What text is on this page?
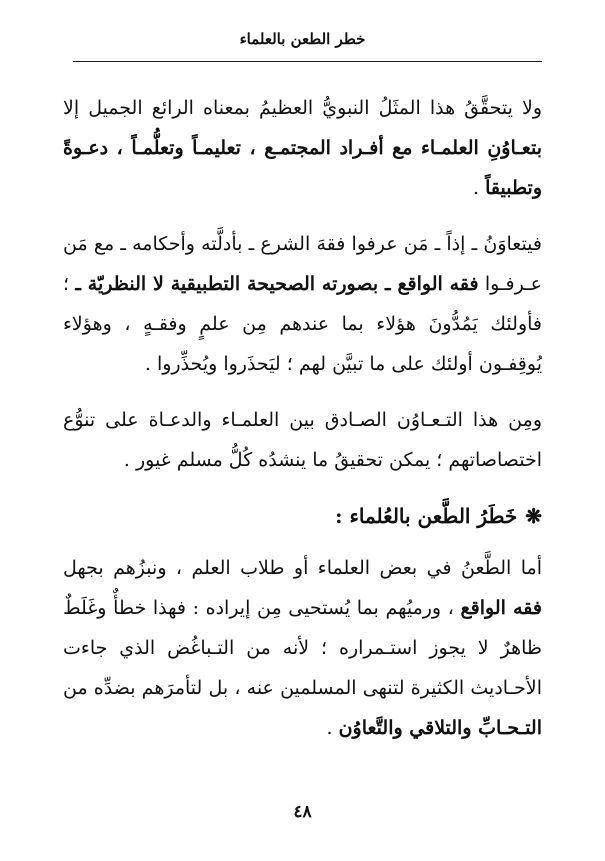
خطر الطعن بالعلماء

ولا يتحقَّقُ هذا المثَلُ النبويُّ العظيمُ بمعناه الرائع الجميل إلا بتعـاوُنِ العلمـاء مع أفـراد المجتمـع ، تعليمـاً وتعلُّمـاً ، دعـوةً وتطبيقاً .

فيتعاوَنُ ـ إذاً ـ مَن عرفوا فقهَ الشرع ـ بأدلَّته وأحكامه ـ مع مَن عـرفـوا فقه الواقع ـ بصورته الصحيحة التطبيقية لا النظريّة ـ ؛ فأولئك يَمُدُّونَ هؤلاء بما عندهم مِن علمٍ وفقـهٍ ، وهؤلاء يُوقِفـون أولئك على ما تبيَّن لهم ؛ ليَحذَروا ويُحذِّروا .

ومِن هذا التـعـاوُن الصـادق بين العلمـاء والدعـاة على تنوُّع اختصاصاتهم ؛ يمكن تحقيقُ ما ينشدُه كُلُّ مسلم غيور .

❋خَطَرُ الطَّعن بالعُلماء :

أما الطَّعنُ في بعض العلماء أو طلاب العلم ، ونبزُهم بجهل فقه الواقع ، ورميُهم بما يُستحيى مِن إيراده : فهذا خطأٌ وغَلَطٌ ظاهرٌ لا يجوز استـمراره ؛ لأنه من التـباغُض الذي جاءت الأحـاديث الكثيرة لتنهى المسلمين عنه ، بل لتأمرَهم بضدِّه من التـحـابِّ والتلاقي والتَّعاوُن .

٤٨
